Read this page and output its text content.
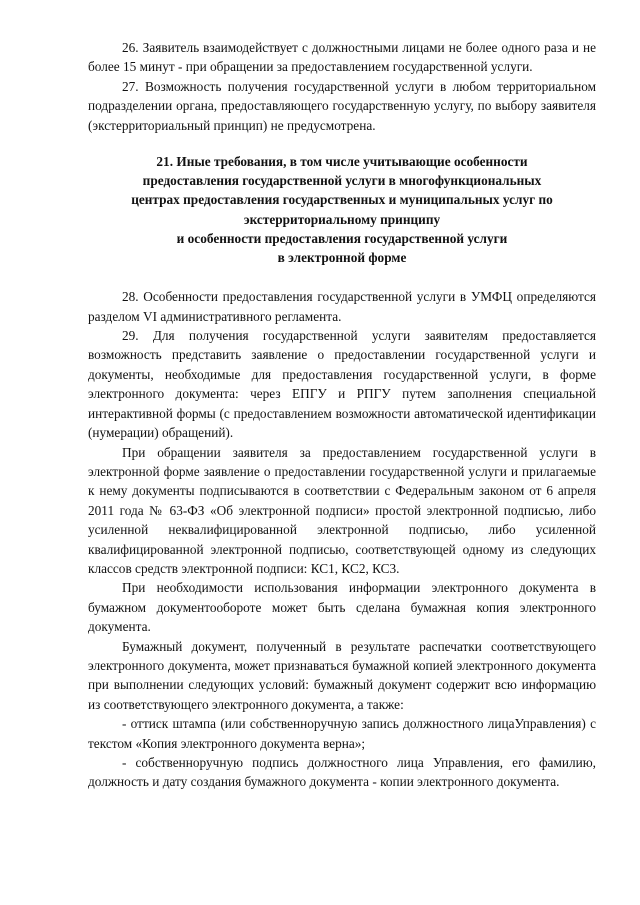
26. Заявитель взаимодействует с должностными лицами не более одного раза и не более 15 минут - при обращении за предоставлением государственной услуги.

27. Возможность получения государственной услуги в любом территориальном подразделении органа, предоставляющего государственную услугу, по выбору заявителя (экстерриториальный принцип) не предусмотрена.

21. Иные требования, в том числе учитывающие особенности
предоставления государственной услуги в многофункциональных
центрах предоставления государственных и муниципальных услуг по
экстерриториальному принципу
и особенности предоставления государственной услуги
в электронной форме

28. Особенности предоставления государственной услуги в УМФЦ определяются разделом VI административного регламента.

29. Для получения государственной услуги заявителям предоставляется возможность представить заявление о предоставлении государственной услуги и документы, необходимые для предоставления государственной услуги, в форме электронного документа: через ЕПГУ и РПГУ путем заполнения специальной интерактивной формы (с предоставлением возможности автоматической идентификации (нумерации) обращений).

При обращении заявителя за предоставлением государственной услуги в электронной форме заявление о предоставлении государственной услуги и прилагаемые к нему документы подписываются в соответствии с Федеральным законом от 6 апреля 2011 года № 63-ФЗ «Об электронной подписи» простой электронной подписью, либо усиленной неквалифицированной электронной подписью, либо усиленной квалифицированной электронной подписью, соответствующей одному из следующих классов средств электронной подписи: КС1, КС2, КС3.

При необходимости использования информации электронного документа в бумажном документообороте может быть сделана бумажная копия электронного документа.

Бумажный документ, полученный в результате распечатки соответствующего электронного документа, может признаваться бумажной копией электронного документа при выполнении следующих условий: бумажный документ содержит всю информацию из соответствующего электронного документа, а также:

- оттиск штампа (или собственноручную запись должностного лицаУправления) с текстом «Копия электронного документа верна»;

- собственноручную подпись должностного лица Управления, его фамилию, должность и дату создания бумажного документа - копии электронного документа.
